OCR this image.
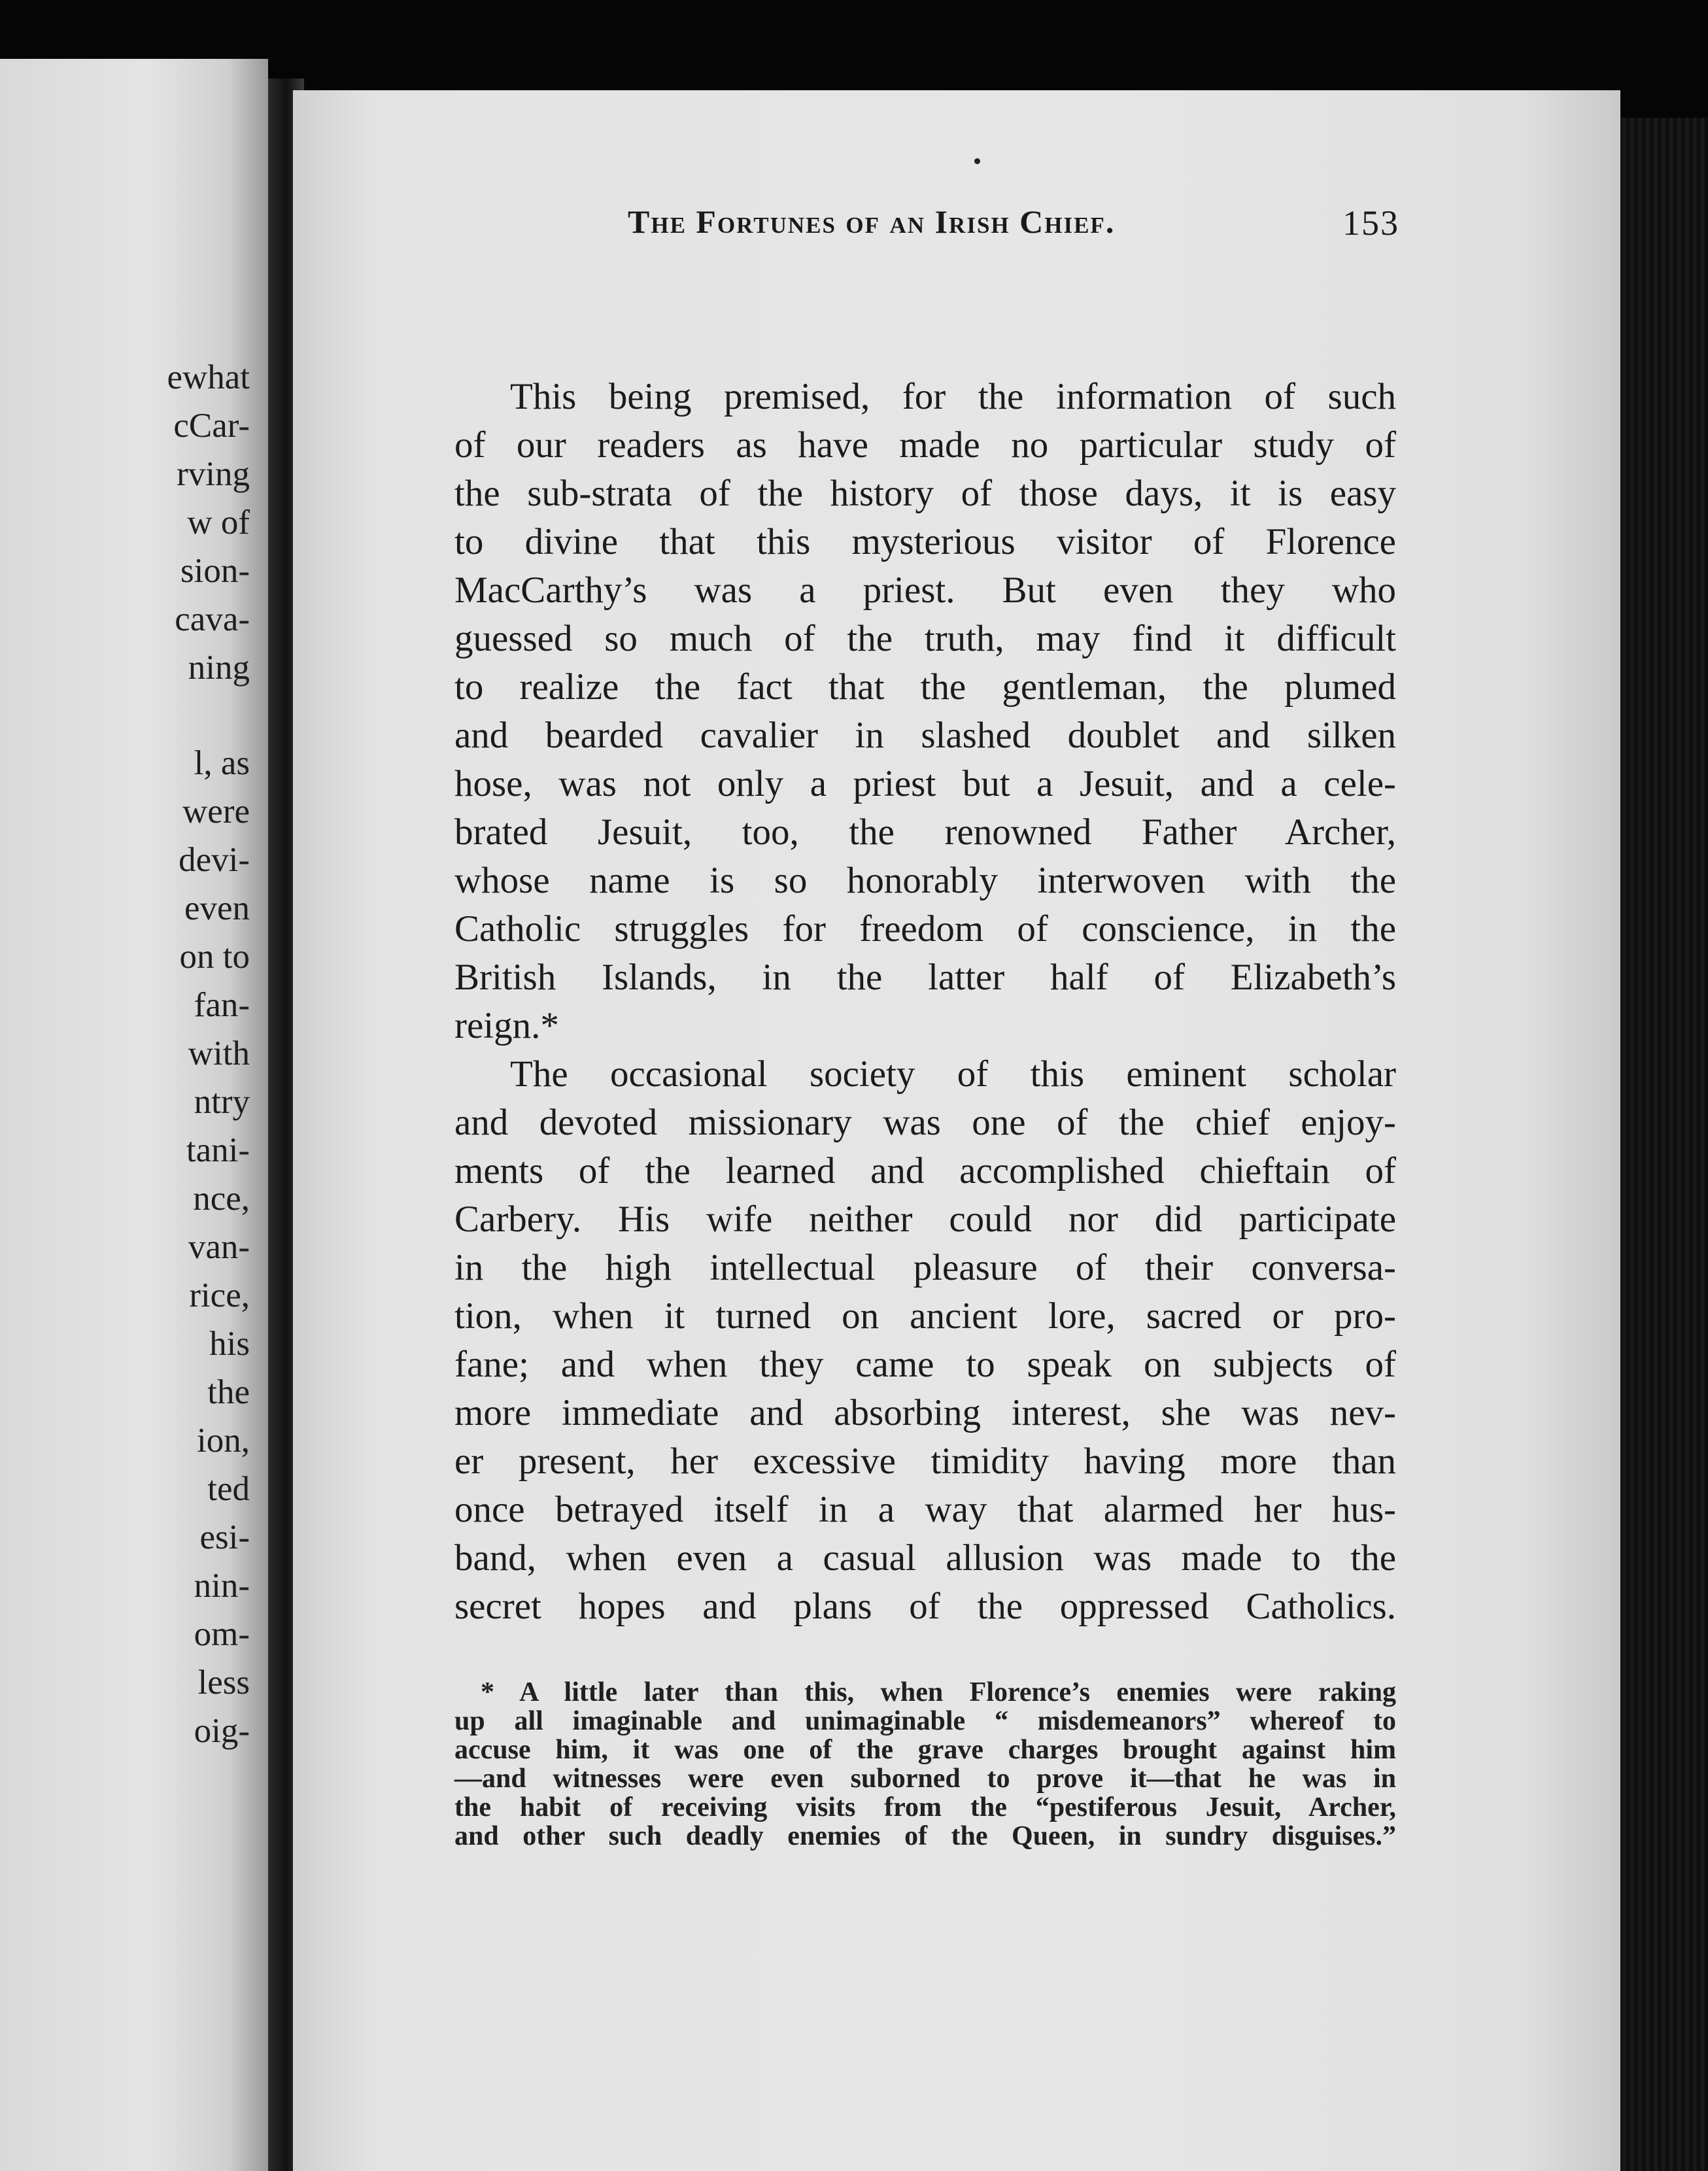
ewhat
cCar-
rving
w of
sion-
cava-
ning
l, as
were
devi-
even
on to
fan-
with
ntry
tani-
nce,
van-
rice,
his
the
ion,
ted
esi-
nin-
om-
less
oig-
The Fortunes of an Irish Chief.	153
This being premised, for the information of such
of our readers as have made no particular study of
the sub-strata of the history of those days, it is easy
to divine that this mysterious visitor of Florence
MacCarthy’s was a priest. But even they who
guessed so much of the truth, may find it difficult
to realize the fact that the gentleman, the plumed
and bearded cavalier in slashed doublet and silken
hose, was not only a priest but a Jesuit, and a cele-
brated Jesuit, too, the renowned Father Archer,
whose name is so honorably interwoven with the
Catholic struggles for freedom of conscience, in the
British Islands, in the latter half of Elizabeth’s
reign.*
The occasional society of this eminent scholar
and devoted missionary was one of the chief enjoy-
ments of the learned and accomplished chieftain of
Carbery. His wife neither could nor did participate
in the high intellectual pleasure of their conversa-
tion, when it turned on ancient lore, sacred or pro-
fane; and when they came to speak on subjects of
more immediate and absorbing interest, she was nev-
er present, her excessive timidity having more than
once betrayed itself in a way that alarmed her hus-
band, when even a casual allusion was made to the
secret hopes and plans of the oppressed Catholics.
* A little later than this, when Florence’s enemies were raking
up all imaginable and unimaginable “ misdemeanors” whereof to
accuse him, it was one of the grave charges brought against him
—and witnesses were even suborned to prove it—that he was in
the habit of receiving visits from the “pestiferous Jesuit, Archer,
and other such deadly enemies of the Queen, in sundry disguises.”
